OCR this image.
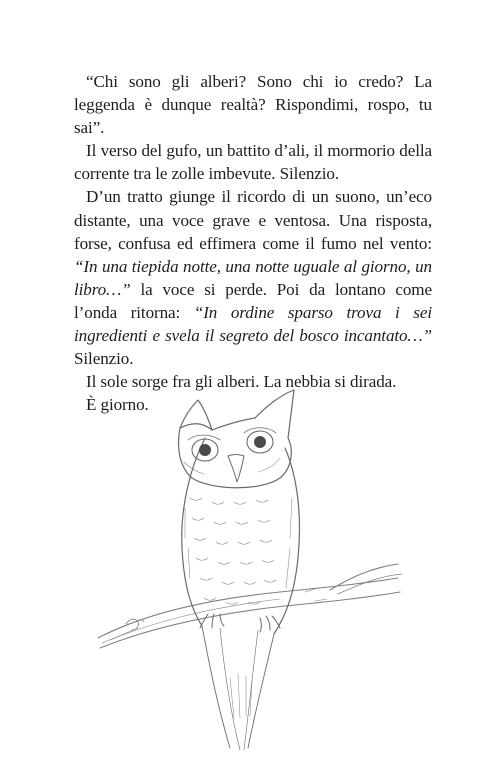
“Chi sono gli alberi? Sono chi io credo? La leggenda è dunque realtà? Rispondimi, rospo, tu sai”.

Il verso del gufo, un battito d’ali, il mormorio della corrente tra le zolle imbevute. Silenzio.

D’un tratto giunge il ricordo di un suono, un’eco distante, una voce grave e ventosa. Una risposta, forse, confusa ed effimera come il fumo nel vento: “In una tiepida notte, una notte uguale al giorno, un libro…” la voce si perde. Poi da lontano come l’onda ritorna: “In ordine sparso trova i sei ingredienti e svela il segreto del bosco incantato…” Silenzio.

Il sole sorge fra gli alberi. La nebbia si dirada.

È giorno.
